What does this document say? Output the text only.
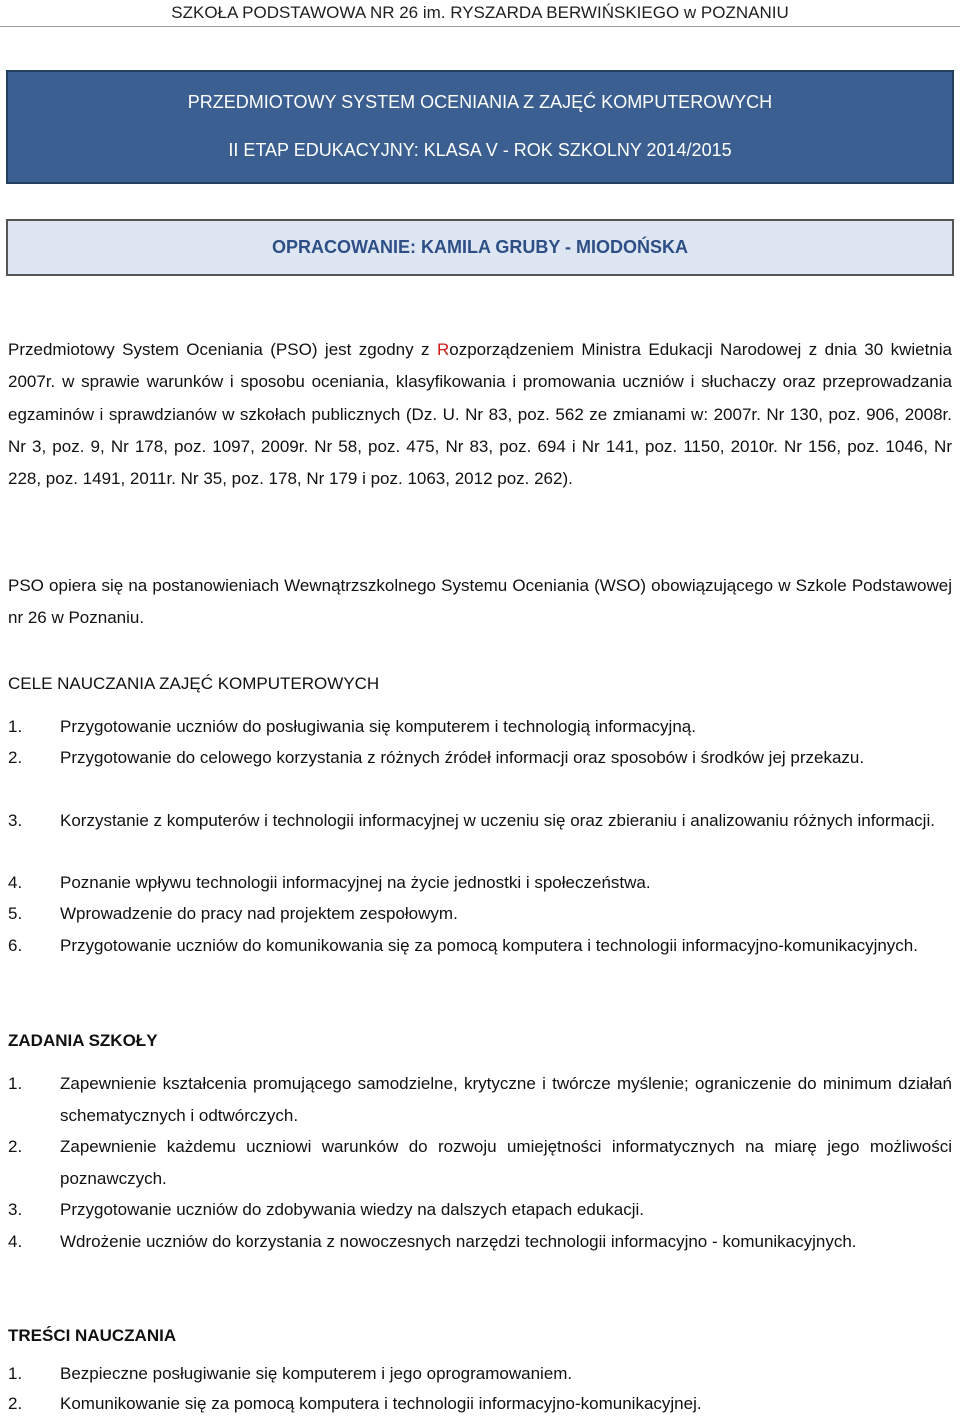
SZKOŁA PODSTAWOWA NR 26 im. RYSZARDA BERWIŃSKIEGO w POZNANIU
PRZEDMIOTOWY SYSTEM OCENIANIA Z ZAJĘĆ KOMPUTEROWYCH
II ETAP EDUKACYJNY: KLASA V - ROK SZKOLNY 2014/2015
OPRACOWANIE: KAMILA GRUBY - MIODOŃSKA

Przedmiotowy System Oceniania (PSO) jest zgodny z Rozporządzeniem Ministra Edukacji Narodowej z dnia 30 kwietnia 2007r. w sprawie warunków i sposobu oceniania, klasyfikowania i promowania uczniów i słuchaczy oraz przeprowadzania egzaminów i sprawdzianów w szkołach publicznych (Dz. U. Nr 83, poz. 562 ze zmianami w: 2007r. Nr 130, poz. 906, 2008r. Nr 3, poz. 9, Nr 178, poz. 1097, 2009r. Nr 58, poz. 475, Nr 83, poz. 694 i Nr 141, poz. 1150, 2010r. Nr 156, poz. 1046, Nr 228, poz. 1491, 2011r. Nr 35, poz. 178, Nr 179 i poz. 1063, 2012 poz. 262).

PSO opiera się na postanowieniach Wewnątrzszkolnego Systemu Oceniania (WSO) obowiązującego w Szkole Podstawowej nr 26 w Poznaniu.

CELE NAUCZANIA ZAJĘĆ KOMPUTEROWYCH
1. Przygotowanie uczniów do posługiwania się komputerem i technologią informacyjną.
2. Przygotowanie do celowego korzystania z różnych źródeł informacji oraz sposobów i środków jej przekazu.
3. Korzystanie z komputerów i technologii informacyjnej w uczeniu się oraz zbieraniu i analizowaniu różnych informacji.
4. Poznanie wpływu technologii informacyjnej na życie jednostki i społeczeństwa.
5. Wprowadzenie do pracy nad projektem zespołowym.
6. Przygotowanie uczniów do komunikowania się za pomocą komputera i technologii informacyjno-komunikacyjnych.
ZADANIA SZKOŁY
1. Zapewnienie kształcenia promującego samodzielne, krytyczne i twórcze myślenie; ograniczenie do minimum działań schematycznych i odtwórczych.
2. Zapewnienie każdemu uczniowi warunków do rozwoju umiejętności informatycznych na miarę jego możliwości poznawczych.
3. Przygotowanie uczniów do zdobywania wiedzy na dalszych etapach edukacji.
4. Wdrożenie uczniów do korzystania z nowoczesnych narzędzi technologii informacyjno - komunikacyjnych.
TREŚCI NAUCZANIA
1. Bezpieczne posługiwanie się komputerem i jego oprogramowaniem.
2. Komunikowanie się za pomocą komputera i technologii informacyjno-komunikacyjnej.
